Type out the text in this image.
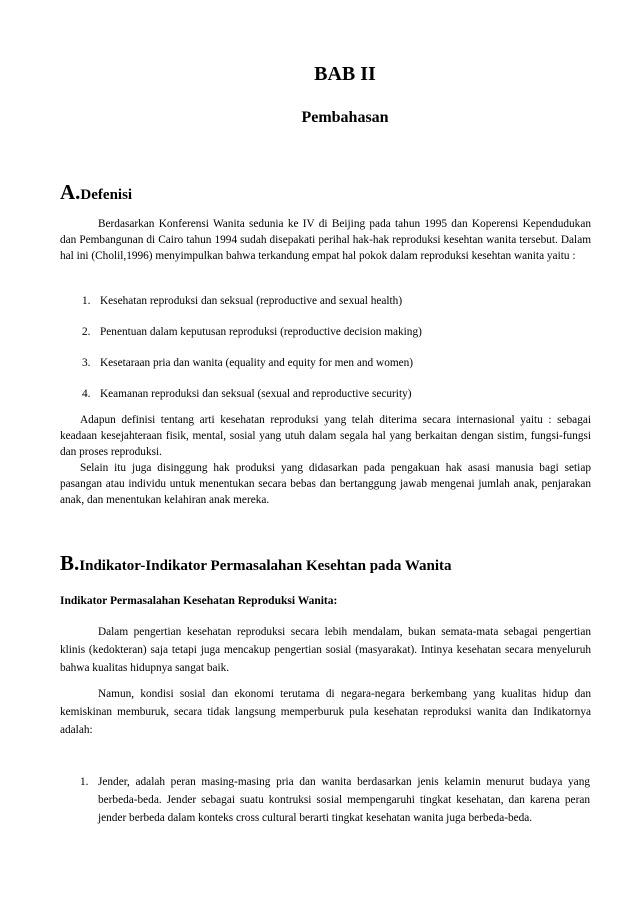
BAB II
Pembahasan
A.Defenisi

Berdasarkan Konferensi Wanita sedunia ke IV di Beijing pada tahun 1995 dan Koperensi Kependudukan dan Pembangunan di Cairo tahun 1994 sudah disepakati perihal hak-hak reproduksi kesehtan wanita tersebut. Dalam hal ini (Cholil,1996) menyimpulkan bahwa terkandung empat hal pokok dalam reproduksi kesehtan wanita yaitu :

1. Kesehatan reproduksi dan seksual (reproductive and sexual health)
2. Penentuan dalam keputusan reproduksi (reproductive decision making)
3. Kesetaraan pria dan wanita (equality and equity for men and women)
4. Keamanan reproduksi dan seksual (sexual and reproductive security)

Adapun definisi tentang arti kesehatan reproduksi yang telah diterima secara internasional yaitu : sebagai keadaan kesejahteraan fisik, mental, sosial yang utuh dalam segala hal yang berkaitan dengan sistim, fungsi-fungsi dan proses reproduksi.

Selain itu juga disinggung hak produksi yang didasarkan pada pengakuan hak asasi manusia bagi setiap pasangan atau individu untuk menentukan secara bebas dan bertanggung jawab mengenai jumlah anak, penjarakan anak, dan menentukan kelahiran anak mereka.

B.Indikator-Indikator Permasalahan Kesehtan pada Wanita
Indikator Permasalahan Kesehatan Reproduksi Wanita:

Dalam pengertian kesehatan reproduksi secara lebih mendalam, bukan semata-mata sebagai pengertian klinis (kedokteran) saja tetapi juga mencakup pengertian sosial (masyarakat). Intinya kesehatan secara menyeluruh bahwa kualitas hidupnya sangat baik.

Namun, kondisi sosial dan ekonomi terutama di negara-negara berkembang yang kualitas hidup dan kemiskinan memburuk, secara tidak langsung memperburuk pula kesehatan reproduksi wanita dan Indikatornya adalah:

1. Jender, adalah peran masing-masing pria dan wanita berdasarkan jenis kelamin menurut budaya yang berbeda-beda. Jender sebagai suatu kontruksi sosial mempengaruhi tingkat kesehatan, dan karena peran jender berbeda dalam konteks cross cultural berarti tingkat kesehatan wanita juga berbeda-beda.
